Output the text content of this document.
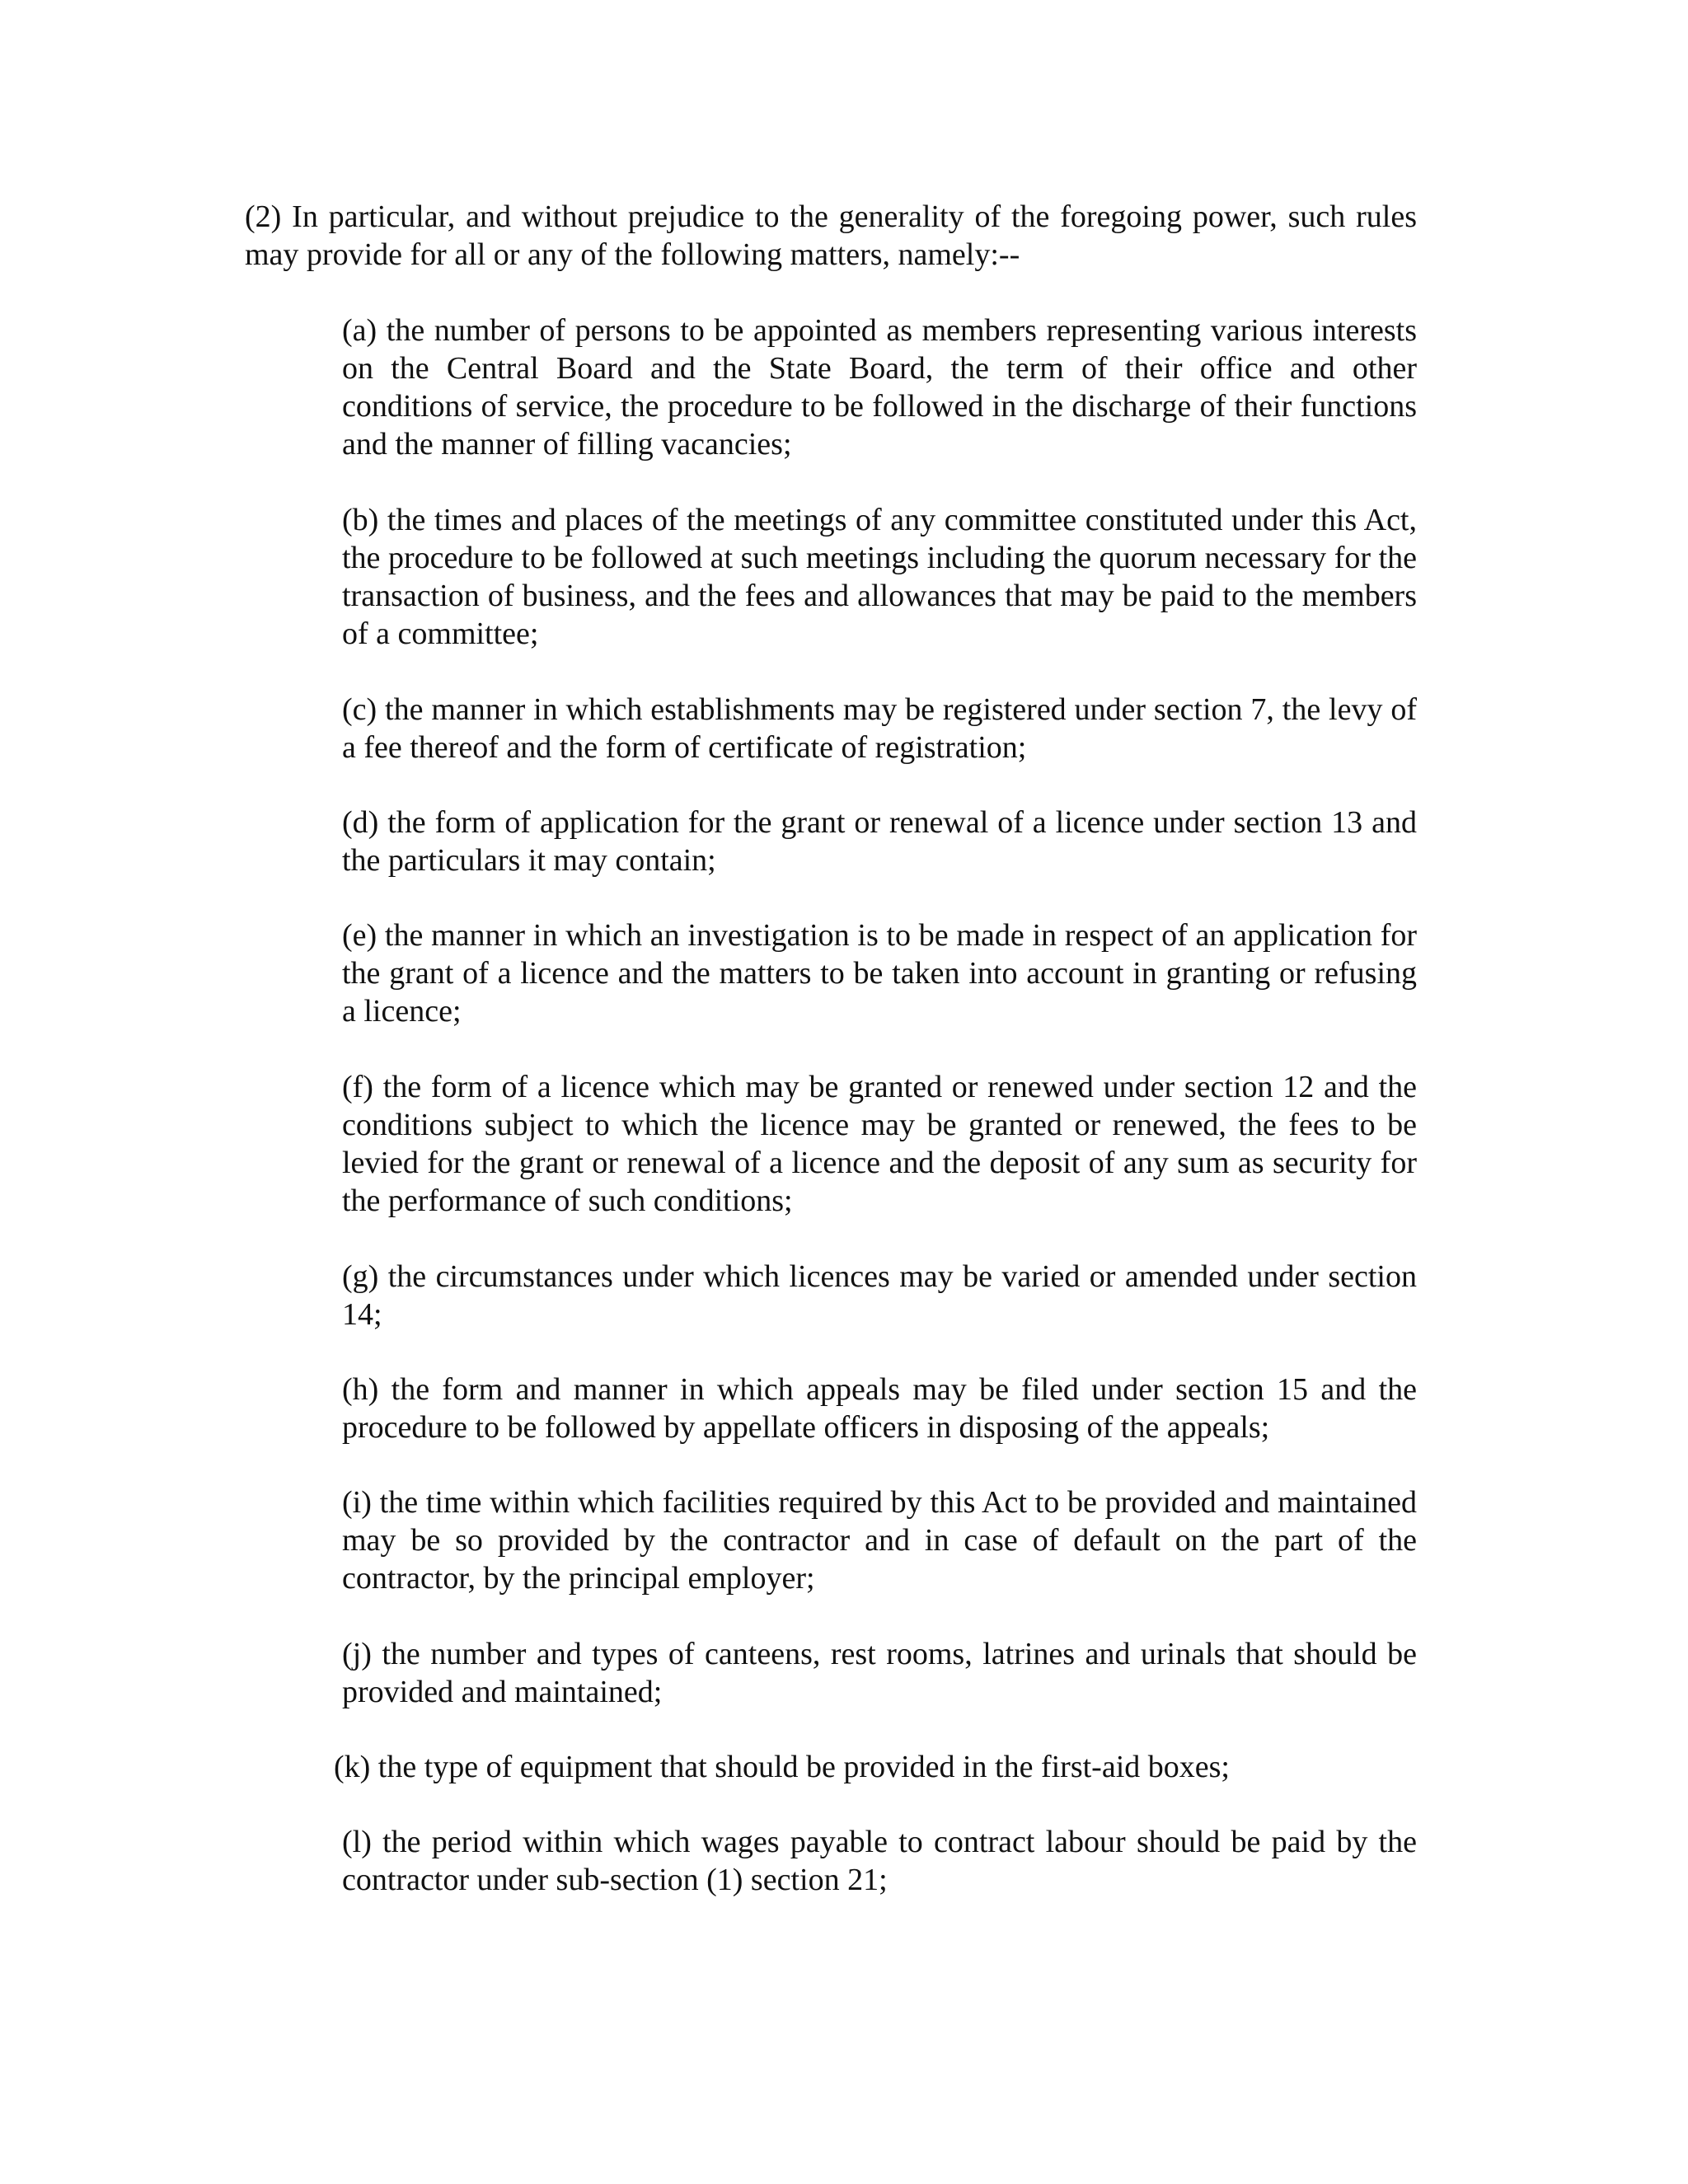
(2) In particular, and without prejudice to the generality of the foregoing power, such rules may provide for all or any of the following matters, namely:--

(a) the number of persons to be appointed as members representing various interests on the Central Board and the State Board, the term of their office and other conditions of service, the procedure to be followed in the discharge of their functions and the manner of filling vacancies;

(b) the times and places of the meetings of any committee constituted under this Act, the procedure to be followed at such meetings including the quorum necessary for the transaction of business, and the fees and allowances that may be paid to the members of a committee;

(c) the manner in which establishments may be registered under section 7, the levy of a fee thereof and the form of certificate of registration;

(d) the form of application for the grant or renewal of a licence under section 13 and the particulars it may contain;

(e) the manner in which an investigation is to be made in respect of an application for the grant of a licence and the matters to be taken into account in granting or refusing a licence;

(f) the form of a licence which may be granted or renewed under section 12 and the conditions subject to which the licence may be granted or renewed, the fees to be levied for the grant or renewal of a licence and the deposit of any sum as security for the performance of such conditions;

(g) the circumstances under which licences may be varied or amended under section 14;

(h) the form and manner in which appeals may be filed under section 15 and the procedure to be followed by appellate officers in disposing of the appeals;

(i) the time within which facilities required by this Act to be provided and maintained may be so provided by the contractor and in case of default on the part of the contractor, by the principal employer;

(j) the number and types of canteens, rest rooms, latrines and urinals that should be provided and maintained;

(k) the type of equipment that should be provided in the first-aid boxes;

(l) the period within which wages payable to contract labour should be paid by the contractor under sub-section (1) section 21;
